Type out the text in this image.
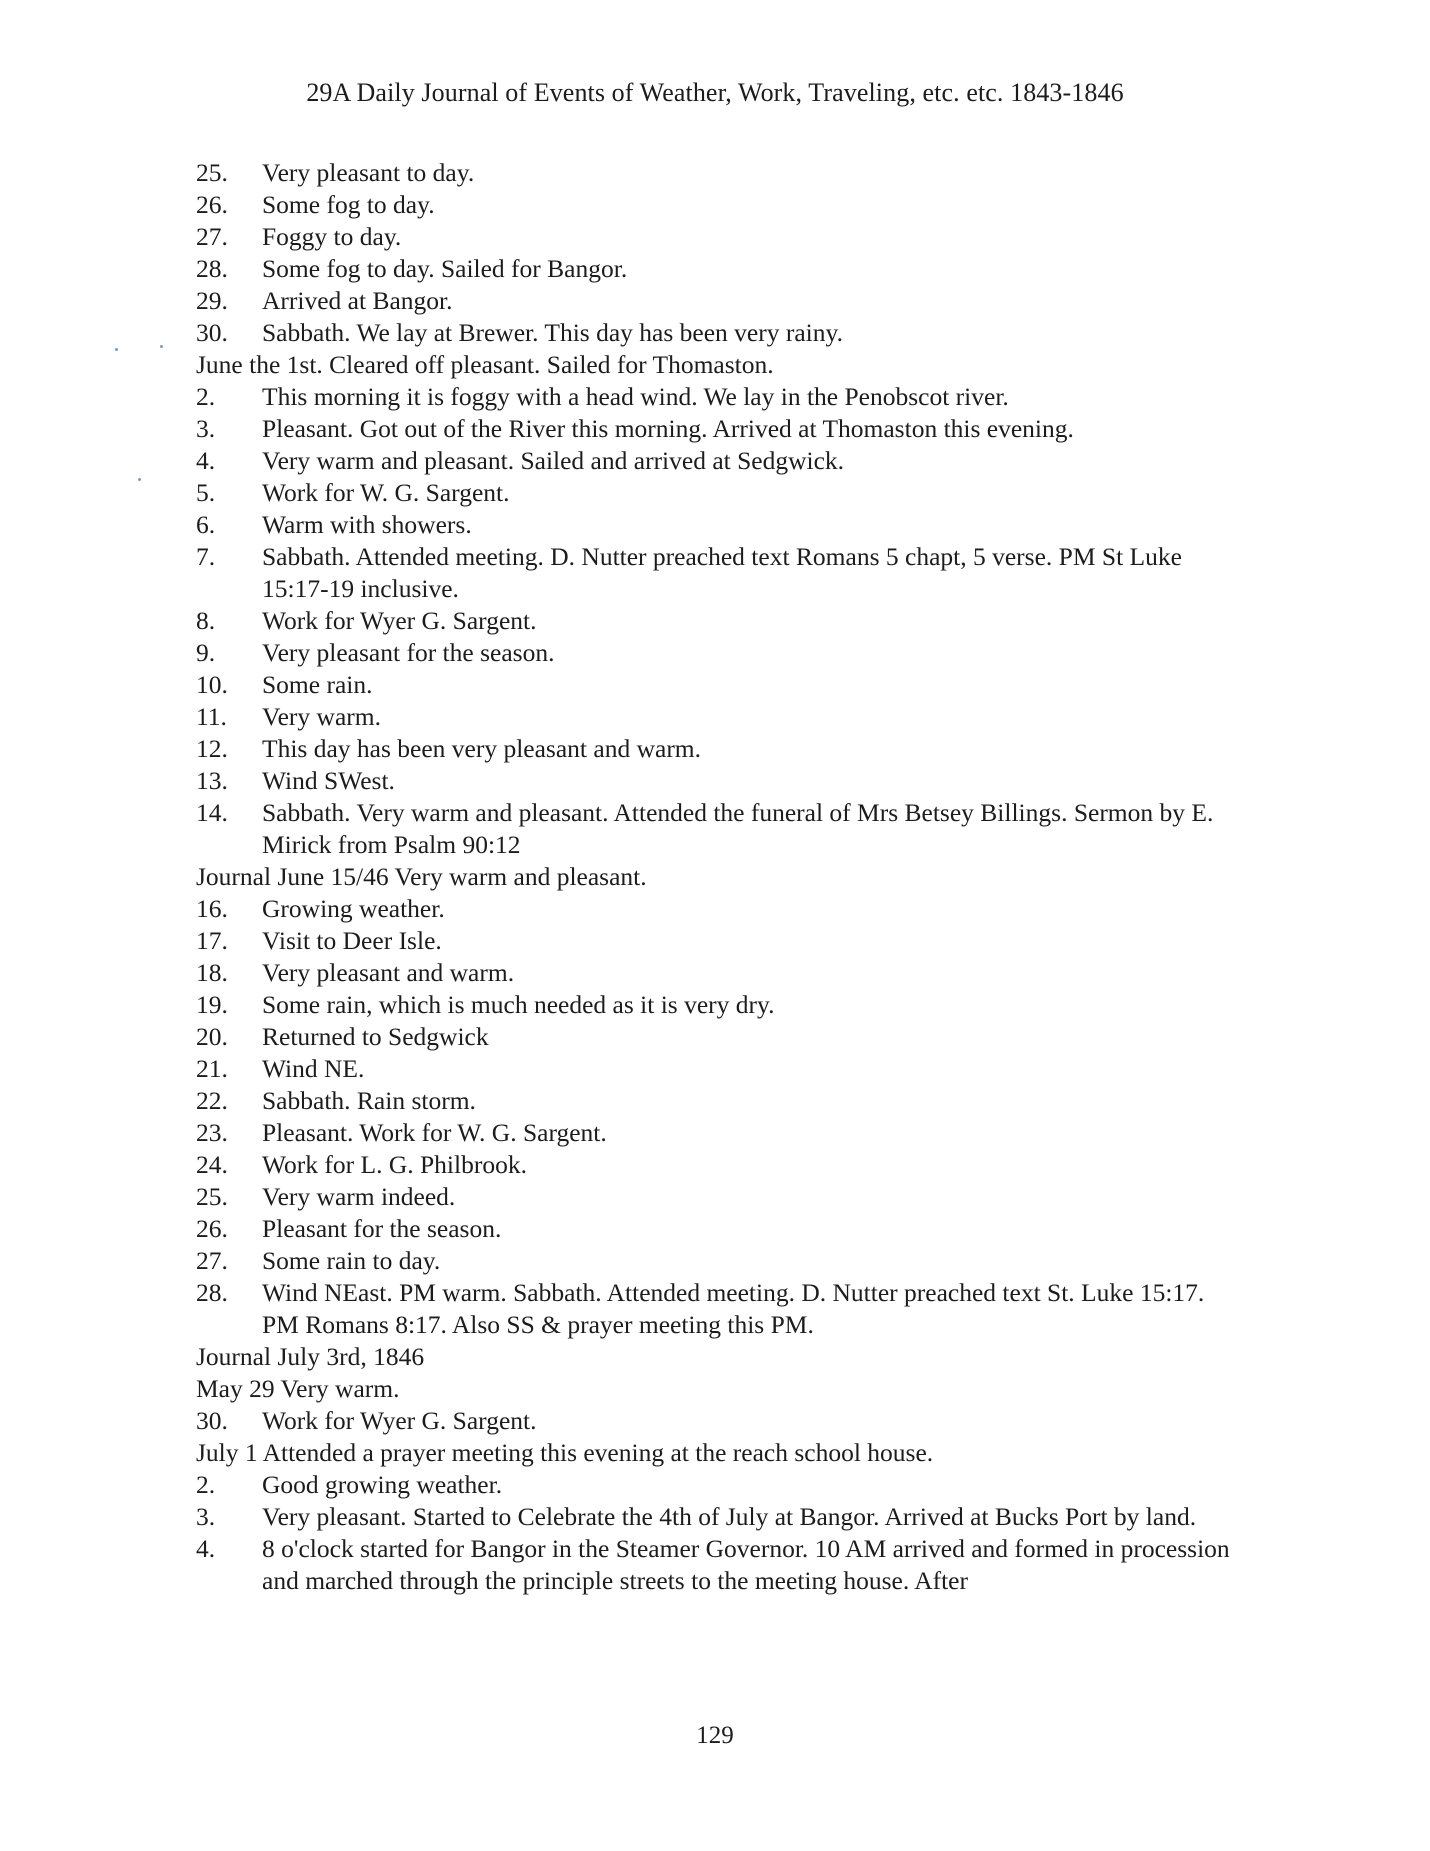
29A Daily Journal of Events of Weather, Work, Traveling, etc. etc. 1843-1846
25.	Very pleasant to day.
26.	Some fog to day.
27.	Foggy to day.
28.	Some fog to day. Sailed for Bangor.
29.	Arrived at Bangor.
30.	Sabbath. We lay at Brewer. This day has been very rainy.
June the 1st. Cleared off pleasant. Sailed for Thomaston.
2.	This morning it is foggy with a head wind. We lay in the Penobscot river.
3.	Pleasant. Got out of the River this morning. Arrived at Thomaston this evening.
4.	Very warm and pleasant. Sailed and arrived at Sedgwick.
5.	Work for W. G. Sargent.
6.	Warm with showers.
7.	Sabbath. Attended meeting. D. Nutter preached text Romans 5 chapt, 5 verse. PM St Luke 15:17-19 inclusive.
8.	Work for Wyer G. Sargent.
9.	Very pleasant for the season.
10.	Some rain.
11.	Very warm.
12.	This day has been very pleasant and warm.
13.	Wind SWest.
14.	Sabbath. Very warm and pleasant. Attended the funeral of Mrs Betsey Billings. Sermon by E. Mirick from Psalm 90:12
Journal June 15/46 Very warm and pleasant.
16.	Growing weather.
17.	Visit to Deer Isle.
18.	Very pleasant and warm.
19.	Some rain, which is much needed as it is very dry.
20.	Returned to Sedgwick
21.	Wind NE.
22.	Sabbath. Rain storm.
23.	Pleasant. Work for W. G. Sargent.
24.	Work for L. G. Philbrook.
25.	Very warm indeed.
26.	Pleasant for the season.
27.	Some rain to day.
28.	Wind NEast. PM warm. Sabbath. Attended meeting. D. Nutter preached text St. Luke 15:17. PM Romans 8:17. Also SS & prayer meeting this PM.
Journal July 3rd, 1846
May 29 Very warm.
30.	Work for Wyer G. Sargent.
July 1 Attended a prayer meeting this evening at the reach school house.
2.	Good growing weather.
3.	Very pleasant. Started to Celebrate the 4th of July at Bangor. Arrived at Bucks Port by land.
4.	8 o'clock started for Bangor in the Steamer Governor. 10 AM arrived and formed in procession and marched through the principle streets to the meeting house. After
129
